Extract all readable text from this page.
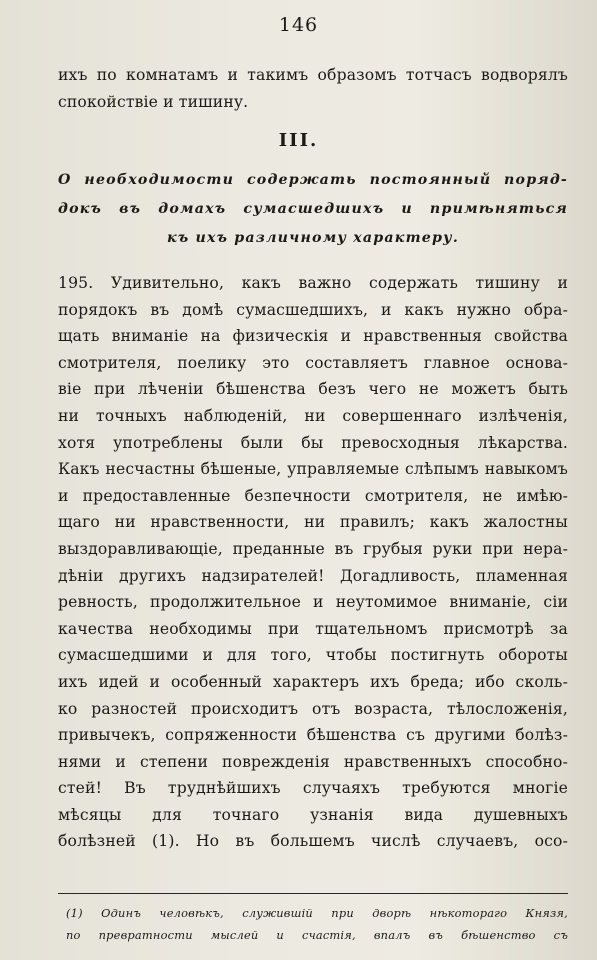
146
ихъ по комнатамъ и такимъ образомъ тотчасъ водворялъ
спокойствіе и тишину.
III.
О необходимости содержать постоянный поряд-
докъ въ домахъ сумасшедшихъ и примѣняться
къ ихъ различному характеру.
195. Удивительно, какъ важно содержать тишину и
порядокъ въ домѣ сумасшедшихъ, и какъ нужно обра-
щать вниманіе на физическія и нравственныя свойства
смотрителя, поелику это составляетъ главное основа-
віе при лѣченіи бѣшенства безъ чего не можетъ быть
ни точныхъ наблюденій, ни совершеннаго излѣченія,
хотя употреблены были бы превосходныя лѣкарства.
Какъ несчастны бѣшеные, управляемые слѣпымъ навыкомъ
и предоставленные безпечности смотрителя, не имѣю-
щаго ни нравственности, ни правилъ; какъ жалостны
выздоравливающіе, преданные въ грубыя руки при нера-
дѣніи другихъ надзирателей! Догадливость, пламенная
ревность, продолжительное и неутомимое вниманіе, сіи
качества необходимы при тщательномъ присмотрѣ за
сумасшедшими и для того, чтобы постигнуть обороты
ихъ идей и особенный характеръ ихъ бреда; ибо сколь-
ко разностей происходитъ отъ возраста, тѣлосложенія,
привычекъ, сопряженности бѣшенства съ другими болѣз-
нями и степени поврежденія нравственныхъ способно-
стей! Въ труднѣйшихъ случаяхъ требуются многіе
мѣсяцы для точнаго узнанія вида душевныхъ
болѣзней (1). Но въ большемъ числѣ случаевъ, осо-
(1) Одинъ человѣкъ, служившій при дворѣ нѣкотораго Князя,
по превратности мыслей и счастія, впалъ въ бѣшенство съ
